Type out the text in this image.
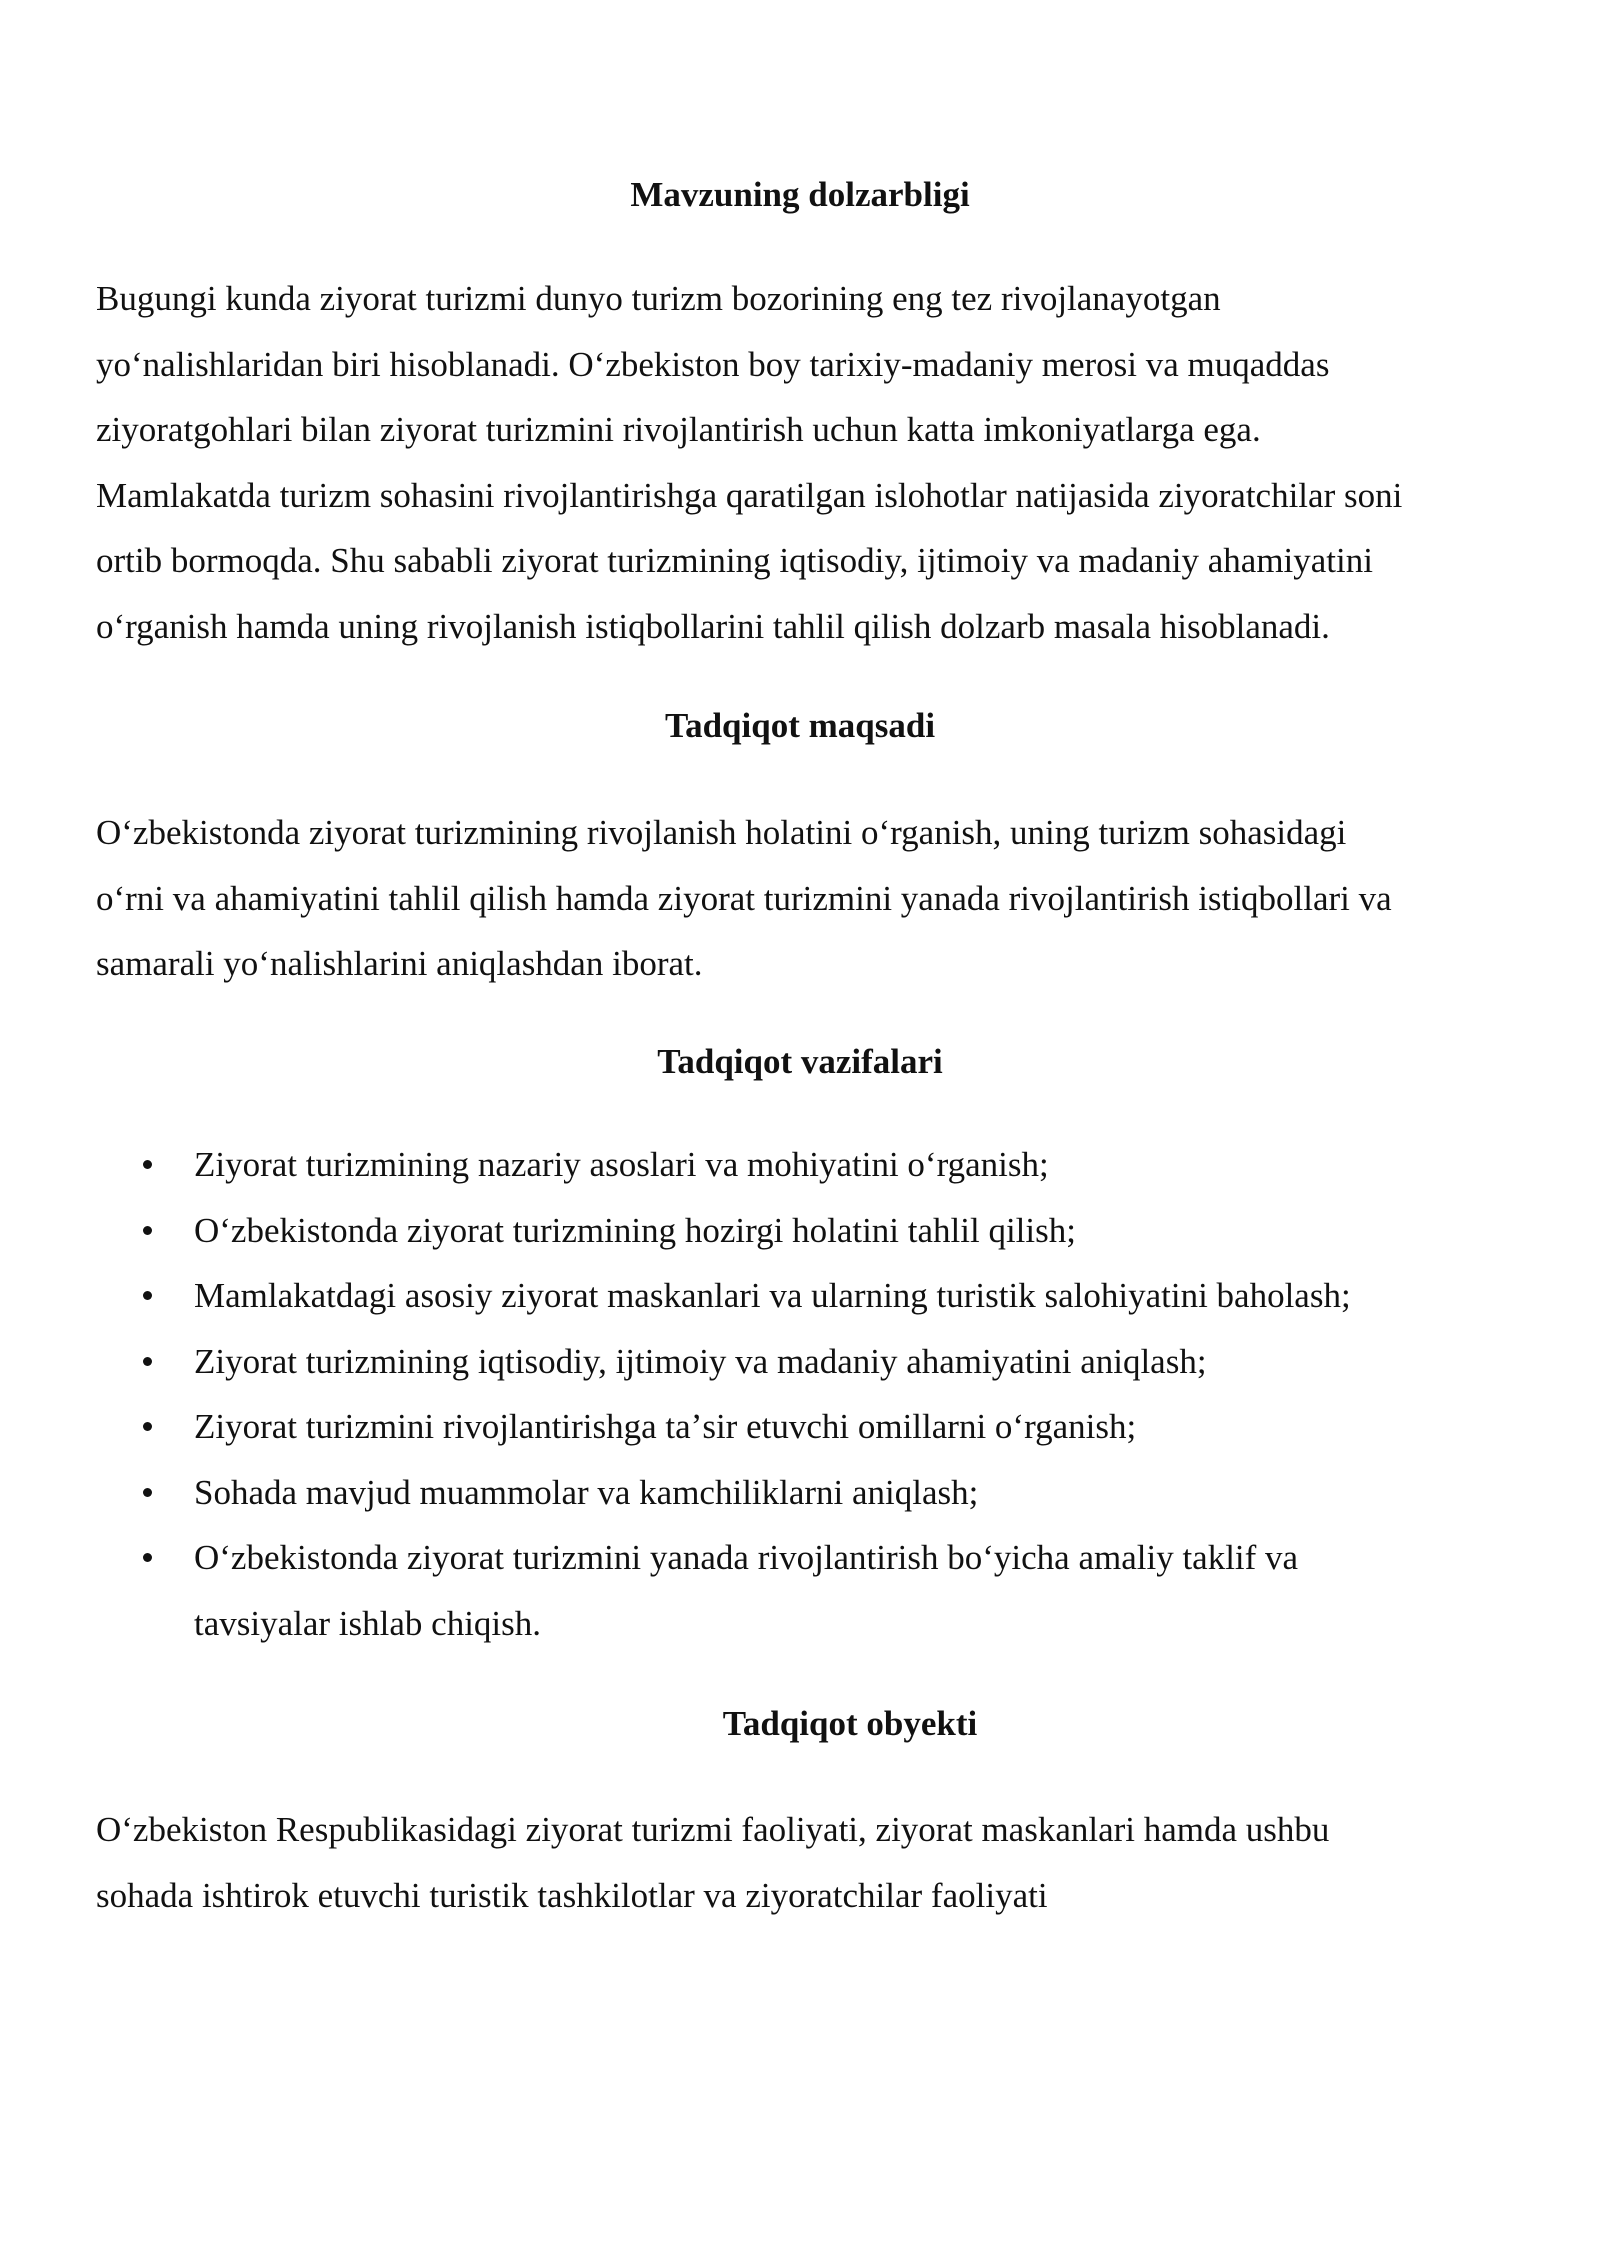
Mavzuning dolzarbligi

Bugungi kunda ziyorat turizmi dunyo turizm bozorining eng tez rivojlanayotgan
yoʻnalishlaridan biri hisoblanadi. Oʻzbekiston boy tarixiy-madaniy merosi va muqaddas
ziyoratgohlari bilan ziyorat turizmini rivojlantirish uchun katta imkoniyatlarga ega.
Mamlakatda turizm sohasini rivojlantirishga qaratilgan islohotlar natijasida ziyoratchilar soni
ortib bormoqda. Shu sababli ziyorat turizmining iqtisodiy, ijtimoiy va madaniy ahamiyatini
oʻrganish hamda uning rivojlanish istiqbollarini tahlil qilish dolzarb masala hisoblanadi.

Tadqiqot maqsadi

Oʻzbekistonda ziyorat turizmining rivojlanish holatini oʻrganish, uning turizm sohasidagi
oʻrni va ahamiyatini tahlil qilish hamda ziyorat turizmini yanada rivojlantirish istiqbollari va
samarali yoʻnalishlarini aniqlashdan iborat.

Tadqiqot vazifalari
Ziyorat turizmining nazariy asoslari va mohiyatini oʻrganish;
Oʻzbekistonda ziyorat turizmining hozirgi holatini tahlil qilish;
Mamlakatdagi asosiy ziyorat maskanlari va ularning turistik salohiyatini baholash;
Ziyorat turizmining iqtisodiy, ijtimoiy va madaniy ahamiyatini aniqlash;
Ziyorat turizmini rivojlantirishga taʼsir etuvchi omillarni oʻrganish;
Sohada mavjud muammolar va kamchiliklarni aniqlash;
Oʻzbekistonda ziyorat turizmini yanada rivojlantirish boʻyicha amaliy taklif va
tavsiyalar ishlab chiqish.
Tadqiqot obyekti

Oʻzbekiston Respublikasidagi ziyorat turizmi faoliyati, ziyorat maskanlari hamda ushbu
sohada ishtirok etuvchi turistik tashkilotlar va ziyoratchilar faoliyati
